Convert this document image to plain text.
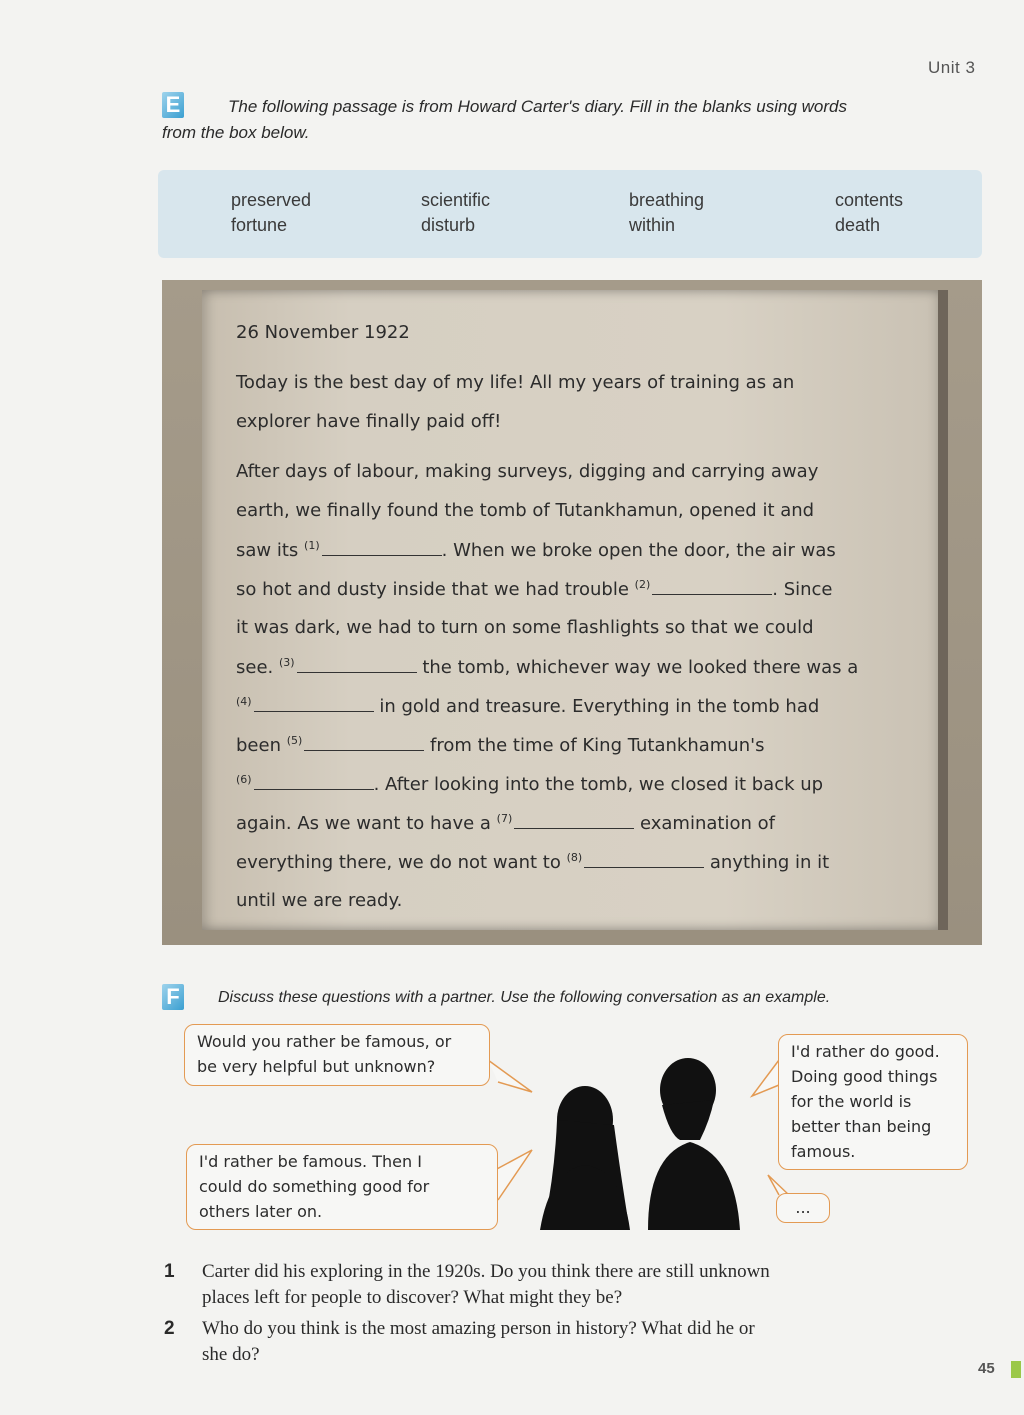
Unit 3
E	The following passage is from Howard Carter's diary. Fill in the blanks using words
from the box below.
preserved	scientific	breathing	contents
fortune	disturb	within	death
26 November 1922
Today is the best day of my life! All my years of training as an
explorer have finally paid off!
After days of labour, making surveys, digging and carrying away
earth, we finally found the tomb of Tutankhamun, opened it and
saw its $^{(1)}$	. When we broke open the door, the air was
so hot and dusty inside that we had trouble $^{(2)}$	. Since
it was dark, we had to turn on some flashlights so that we could
see. $^{(3)}$	the tomb, whichever way we looked there was a
$^{(4)}$	in gold and treasure. Everything in the tomb had
been $^{(5)}$	from the time of King Tutankhamun's
$^{(6)}$	. After looking into the tomb, we closed it back up
again. As we want to have a $^{(7)}$	examination of
everything there, we do not want to $^{(8)}$	anything in it
until we are ready.
F Discuss these questions with a partner. Use the following conversation as an example.
Would you rather be famous, or
be very helpful but unknown?
I'd rather be famous. Then I
could do something good for
others later on.
I'd rather do good.
Doing good things
for the world is
better than being
famous.
...
1 Carter did his exploring in the 1920s. Do you think there are still unknown
places left for people to discover? What might they be?
2 Who do you think is the most amazing person in history? What did he or
she do?
45
